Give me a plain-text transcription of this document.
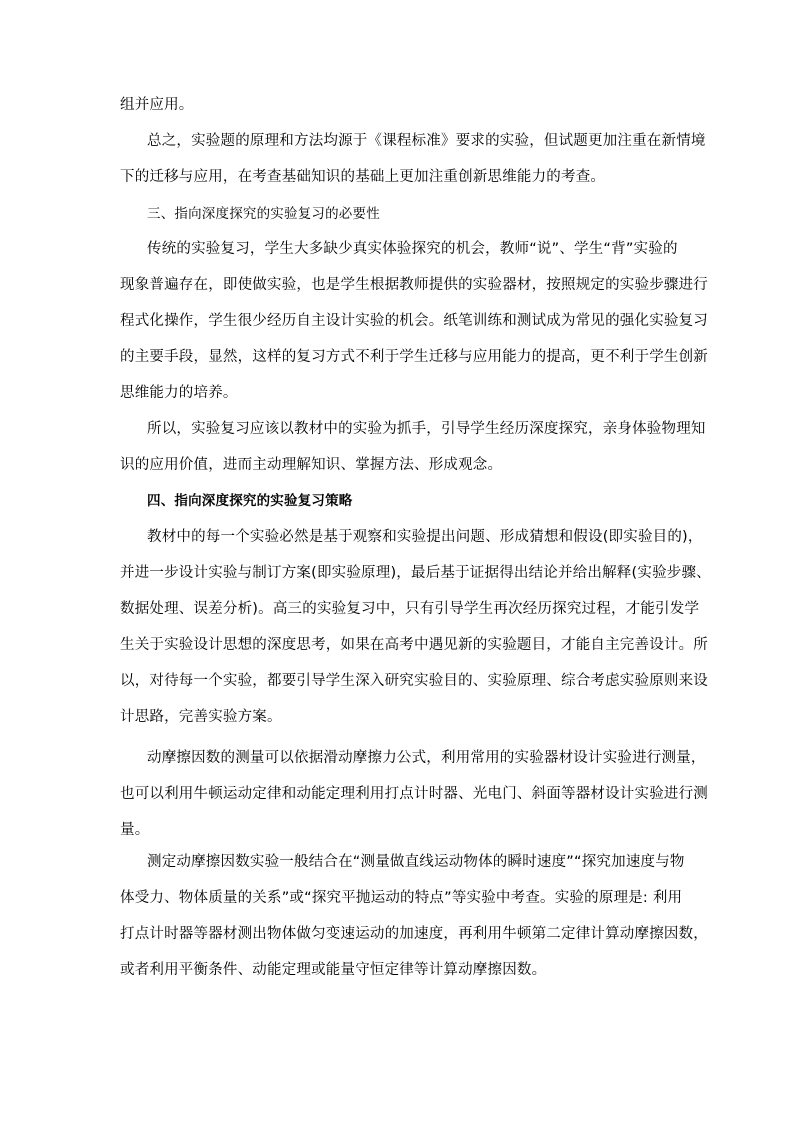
组并应用。
总之，实验题的原理和方法均源于《课程标准》要求的实验，但试题更加注重在新情境
下的迁移与应用，在考查基础知识的基础上更加注重创新思维能力的考查。
三、指向深度探究的实验复习的必要性
传统的实验复习，学生大多缺少真实体验探究的机会，教师“说”、学生“背”实验的
现象普遍存在，即使做实验，也是学生根据教师提供的实验器材，按照规定的实验步骤进行
程式化操作，学生很少经历自主设计实验的机会。纸笔训练和测试成为常见的强化实验复习
的主要手段，显然，这样的复习方式不利于学生迁移与应用能力的提高，更不利于学生创新
思维能力的培养。
所以，实验复习应该以教材中的实验为抓手，引导学生经历深度探究，亲身体验物理知
识的应用价值，进而主动理解知识、掌握方法、形成观念。
四、指向深度探究的实验复习策略
教材中的每一个实验必然是基于观察和实验提出问题、形成猜想和假设(即实验目的)，
并进一步设计实验与制订方案(即实验原理)，最后基于证据得出结论并给出解释(实验步骤、
数据处理、误差分析)。高三的实验复习中，只有引导学生再次经历探究过程，才能引发学
生关于实验设计思想的深度思考，如果在高考中遇见新的实验题目，才能自主完善设计。所
以，对待每一个实验，都要引导学生深入研究实验目的、实验原理、综合考虑实验原则来设
计思路，完善实验方案。
动摩擦因数的测量可以依据滑动摩擦力公式，利用常用的实验器材设计实验进行测量，
也可以利用牛顿运动定律和动能定理利用打点计时器、光电门、斜面等器材设计实验进行测
量。
测定动摩擦因数实验一般结合在“测量做直线运动物体的瞬时速度”“探究加速度与物
体受力、物体质量的关系”或“探究平抛运动的特点”等实验中考查。实验的原理是: 利用
打点计时器等器材测出物体做匀变速运动的加速度，再利用牛顿第二定律计算动摩擦因数，
或者利用平衡条件、动能定理或能量守恒定律等计算动摩擦因数。
